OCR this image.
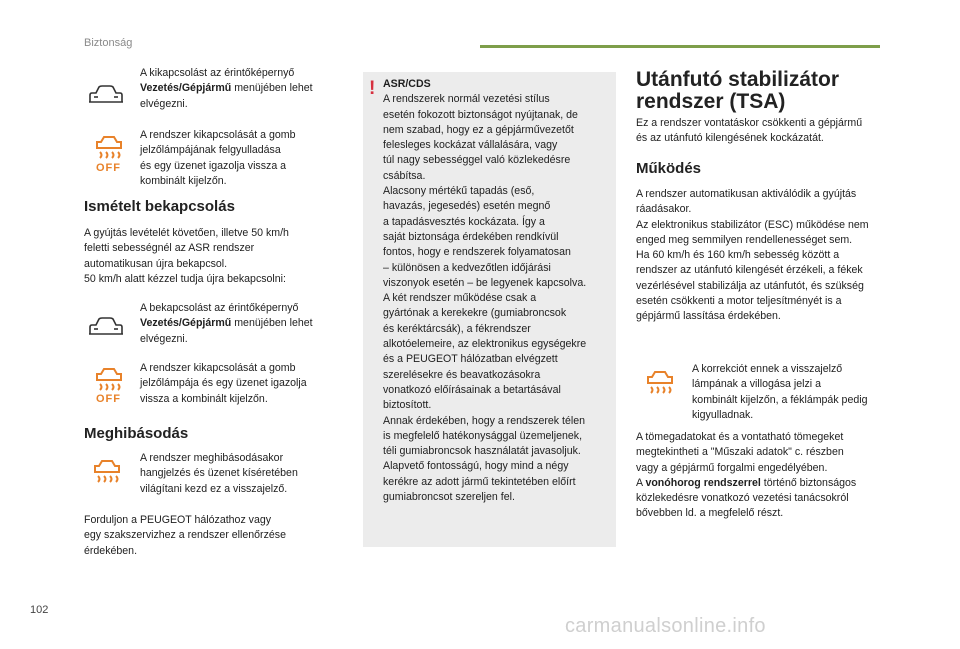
Biztonság
A kikapcsolást az érintőképernyő
Vezetés/Gépjármű menüjében lehet
elvégezni.
OFF
A rendszer kikapcsolását a gomb
jelzőlámpájának felgyulladása
és egy üzenet igazolja vissza a
kombinált kijelzőn.
Ismételt bekapcsolás
A gyújtás levételét követően, illetve 50 km/h
feletti sebességnél az ASR rendszer
automatikusan újra bekapcsol.
50 km/h alatt kézzel tudja újra bekapcsolni:
A bekapcsolást az érintőképernyő
Vezetés/Gépjármű menüjében lehet
elvégezni.
OFF
A rendszer kikapcsolását a gomb
jelzőlámpája és egy üzenet igazolja
vissza a kombinált kijelzőn.
Meghibásodás
A rendszer meghibásodásakor
hangjelzés és üzenet kíséretében
világítani kezd ez a visszajelző.
Forduljon a PEUGEOT hálózathoz vagy
egy szakszervizhez a rendszer ellenőrzése
érdekében.
! ASR/CDS
A rendszerek normál vezetési stílus
esetén fokozott biztonságot nyújtanak, de
nem szabad, hogy ez a gépjárművezetőt
felesleges kockázat vállalására, vagy
túl nagy sebességgel való közlekedésre
csábítsa.
Alacsony mértékű tapadás (eső,
havazás, jegesedés) esetén megnő
a tapadásvesztés kockázata. Így a
saját biztonsága érdekében rendkívül
fontos, hogy e rendszerek folyamatosan
– különösen a kedvezőtlen időjárási
viszonyok esetén – be legyenek kapcsolva.
A két rendszer működése csak a
gyártónak a kerekekre (gumiabroncsok
és keréktárcsák), a fékrendszer
alkotóelemeire, az elektronikus egységekre
és a PEUGEOT hálózatban elvégzett
szerelésekre és beavatkozásokra
vonatkozó előírásainak a betartásával
biztosított.
Annak érdekében, hogy a rendszerek télen
is megfelelő hatékonysággal üzemeljenek,
téli gumiabroncsok használatát javasoljuk.
Alapvető fontosságú, hogy mind a négy
kerékre az adott jármű tekintetében előírt
gumiabroncsot szereljen fel.
Utánfutó stabilizátor
rendszer (TSA)
Ez a rendszer vontatáskor csökkenti a gépjármű
és az utánfutó kilengésének kockázatát.
Működés
A rendszer automatikusan aktiválódik a gyújtás
ráadásakor.
Az elektronikus stabilizátor (ESC) működése nem
enged meg semmilyen rendellenességet sem.
Ha 60 km/h és 160 km/h sebesség között a
rendszer az utánfutó kilengését érzékeli, a fékek
vezérlésével stabilizálja az utánfutót, és szükség
esetén csökkenti a motor teljesítményét is a
gépjármű lassítása érdekében.
A korrekciót ennek a visszajelző
lámpának a villogása jelzi a
kombinált kijelzőn, a féklámpák pedig
kigyulladnak.
A tömegadatokat és a vontatható tömegeket
megtekintheti a "Műszaki adatok" c. részben
vagy a gépjármű forgalmi engedélyében.
A vonóhorog rendszerrel történő biztonságos
közlekedésre vonatkozó vezetési tanácsokról
bővebben ld. a megfelelő részt.
102
carmanualsonline.info
